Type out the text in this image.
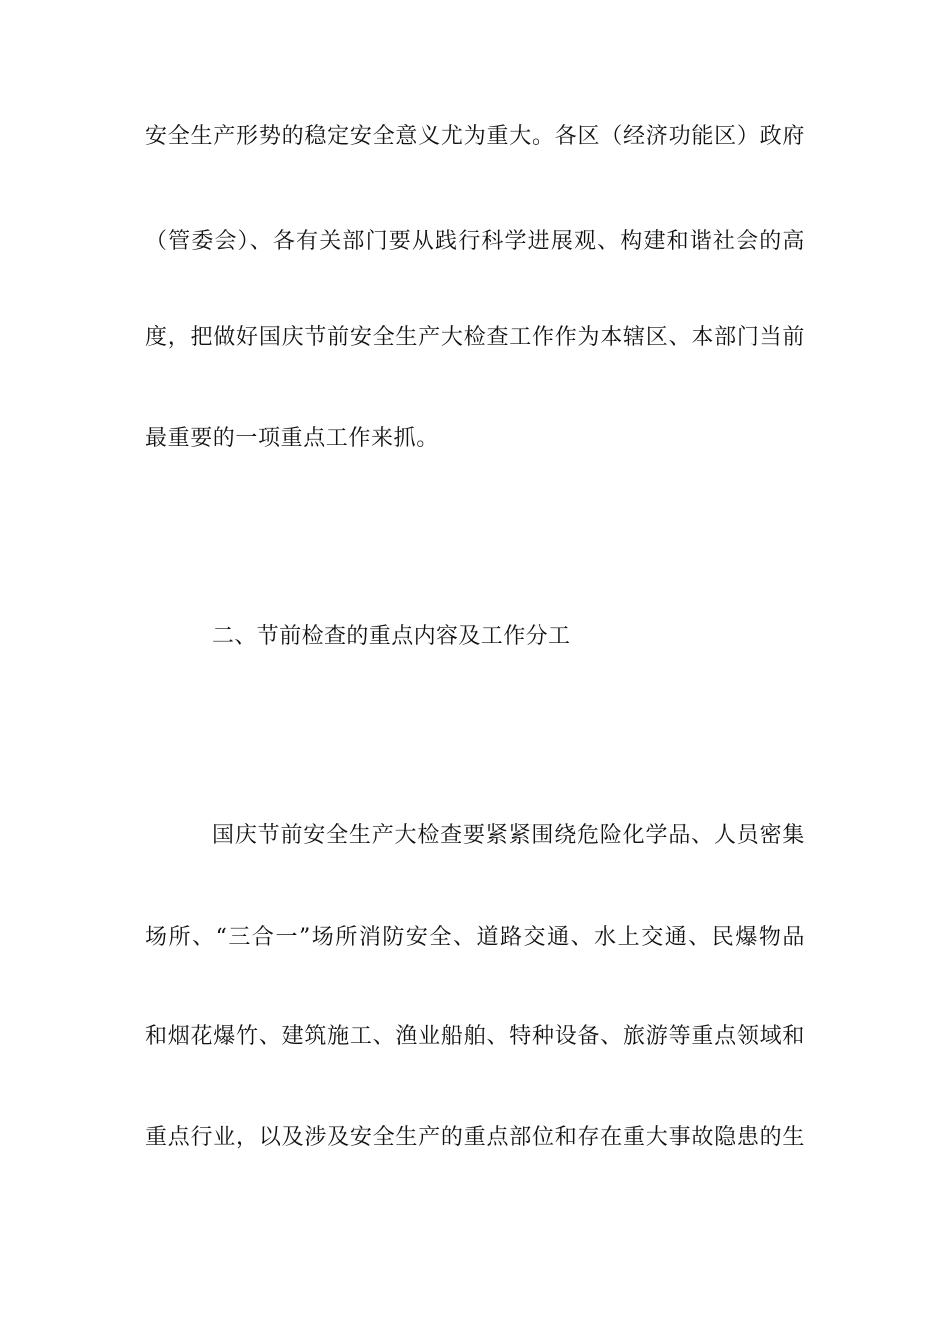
安全生产形势的稳定安全意义尤为重大。各区（经济功能区）政府
（管委会）、各有关部门要从践行科学进展观、构建和谐社会的高
度，把做好国庆节前安全生产大检查工作作为本辖区、本部门当前
最重要的一项重点工作来抓。
二、节前检查的重点内容及工作分工
国庆节前安全生产大检查要紧紧围绕危险化学品、人员密集
场所、“三合一”场所消防安全、道路交通、水上交通、民爆物品
和烟花爆竹、建筑施工、渔业船舶、特种设备、旅游等重点领域和
重点行业，以及涉及安全生产的重点部位和存在重大事故隐患的生
